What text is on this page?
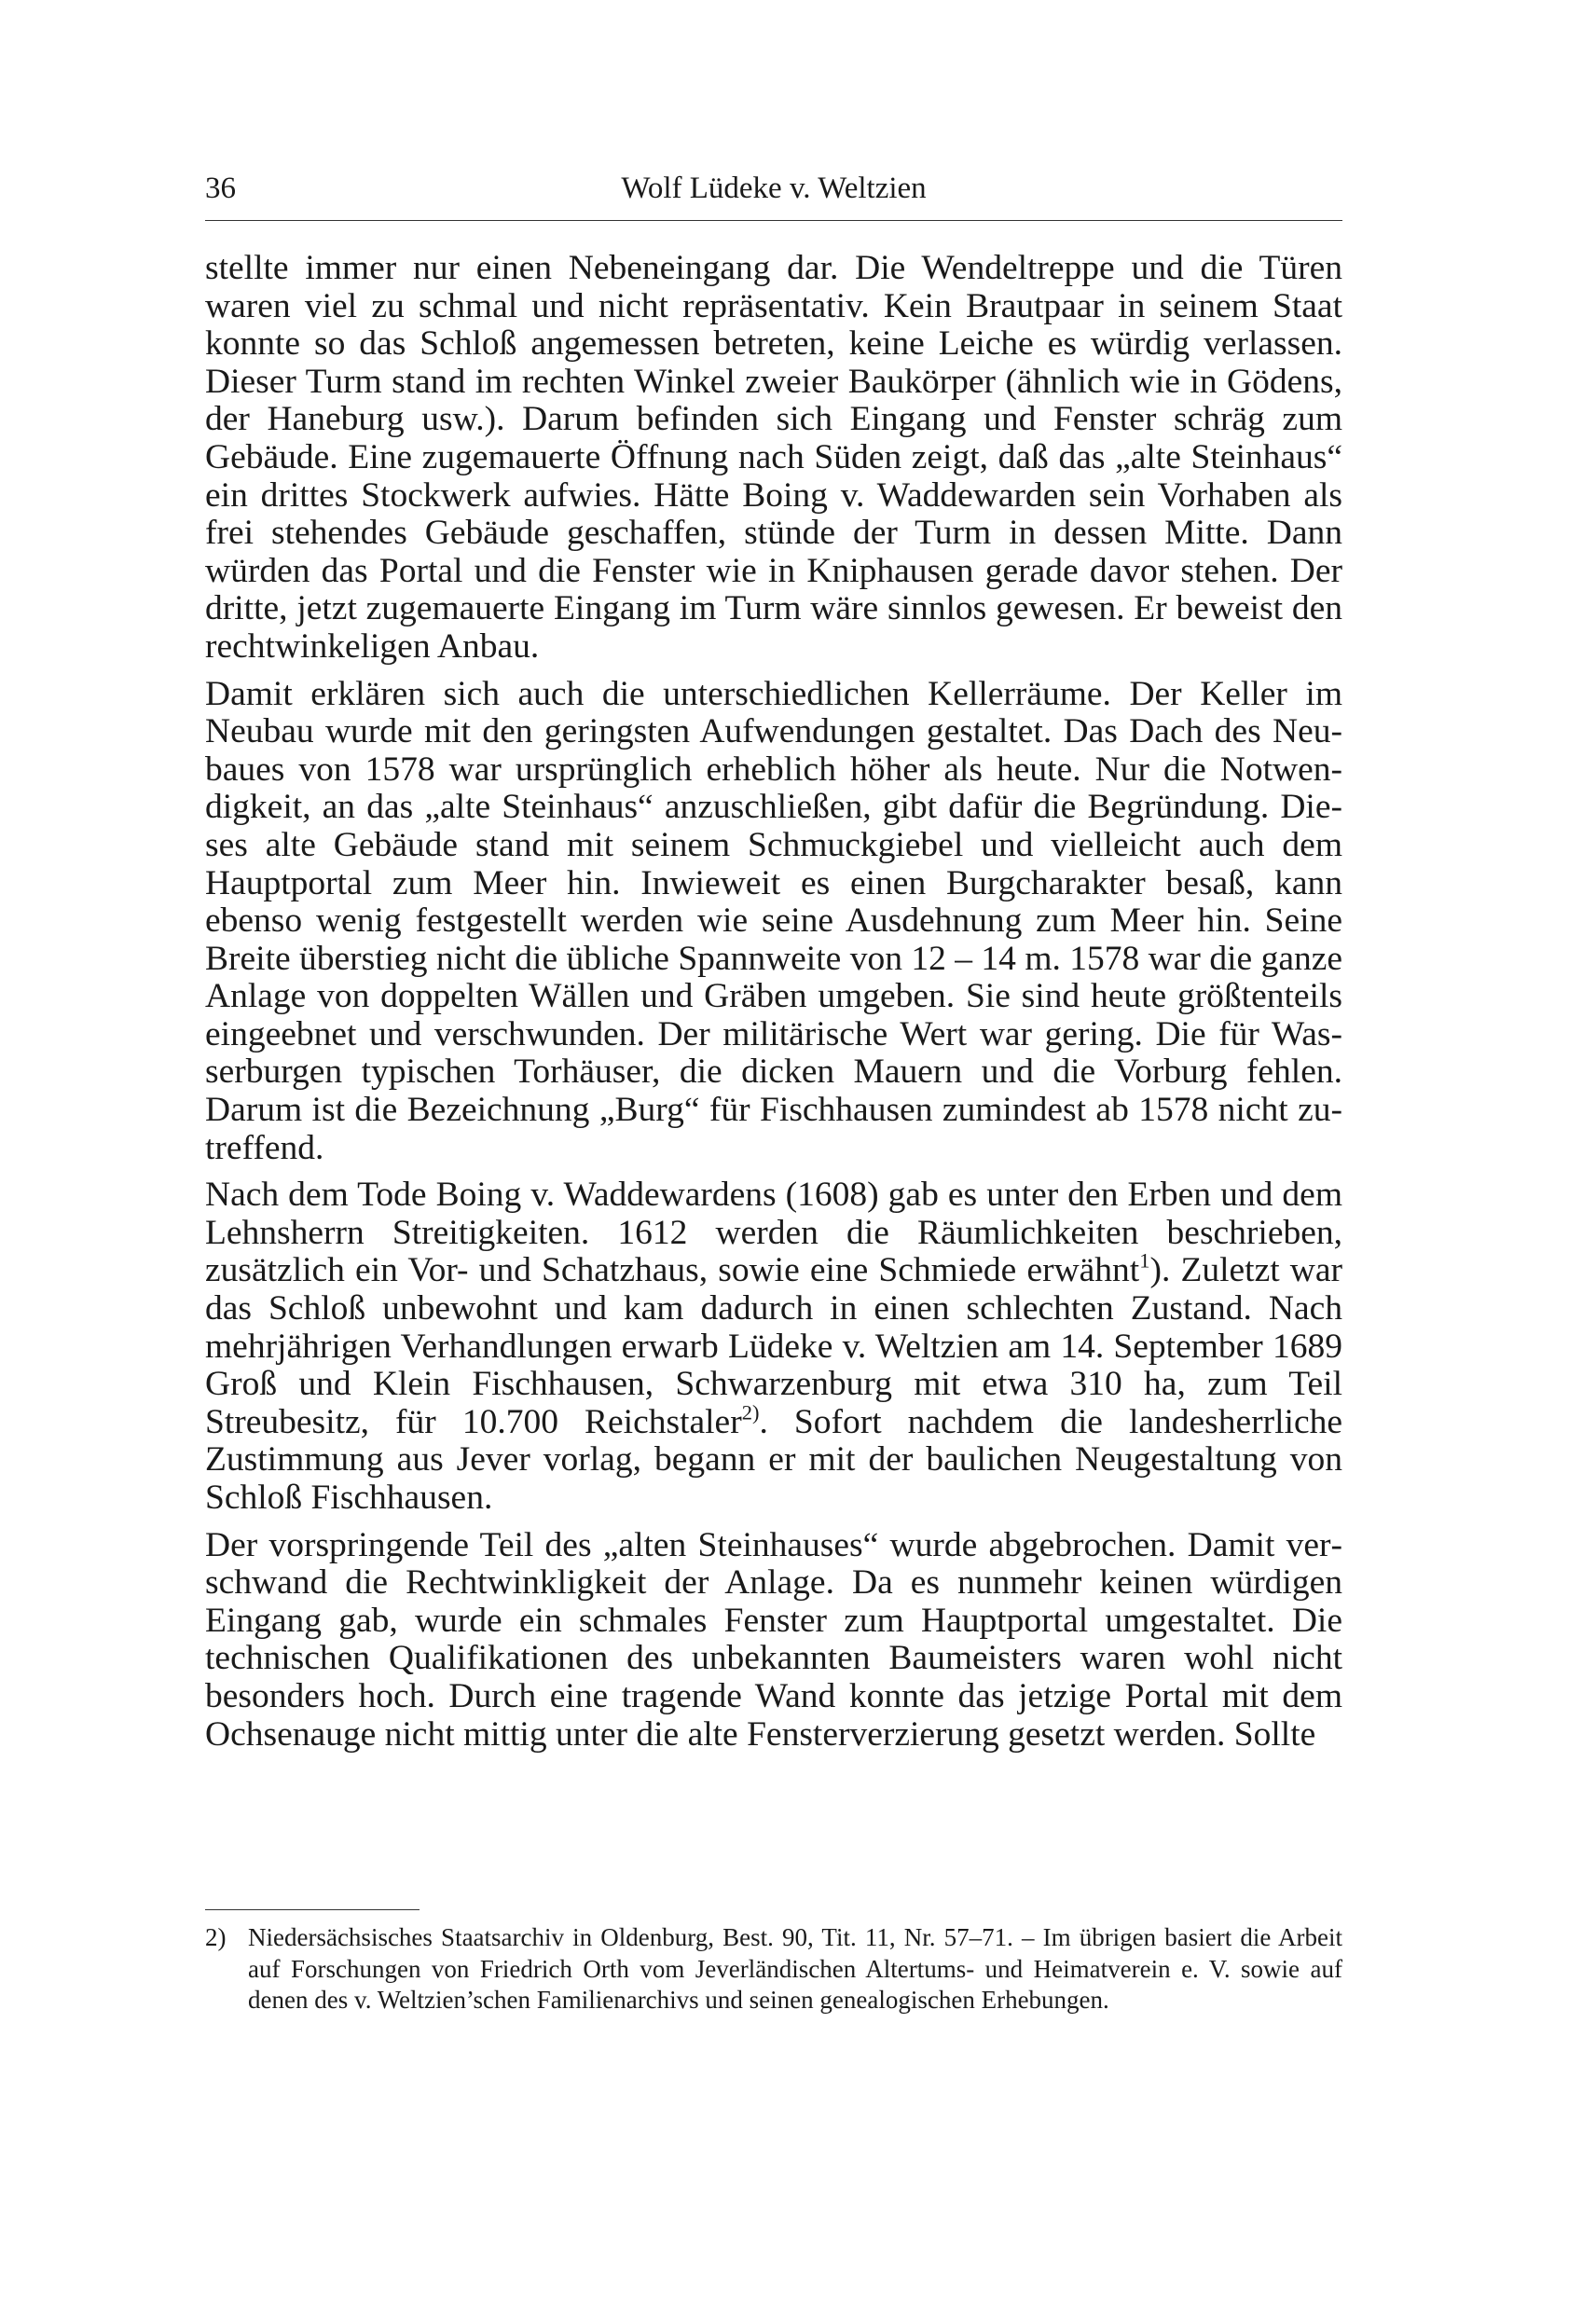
36	Wolf Lüdeke v. Weltzien

stellte immer nur einen Nebeneingang dar. Die Wendeltreppe und die Türen waren viel zu schmal und nicht repräsentativ. Kein Brautpaar in seinem Staat konnte so das Schloß angemessen betreten, keine Leiche es würdig verlassen. Dieser Turm stand im rechten Winkel zweier Baukörper (ähnlich wie in Gödens, der Haneburg usw.). Darum befinden sich Eingang und Fenster schräg zum Gebäude. Eine zugemauerte Öffnung nach Süden zeigt, daß das „alte Steinhaus“ ein drittes Stockwerk aufwies. Hätte Boing v. Waddewarden sein Vorhaben als frei stehendes Gebäude geschaffen, stünde der Turm in dessen Mitte. Dann würden das Portal und die Fenster wie in Kniphausen gerade davor stehen. Der dritte, jetzt zugemauerte Eingang im Turm wäre sinnlos gewesen. Er beweist den rechtwinkeligen Anbau.

Damit erklären sich auch die unterschiedlichen Kellerräume. Der Keller im Neubau wurde mit den geringsten Aufwendungen gestaltet. Das Dach des Neubaues von 1578 war ursprünglich erheblich höher als heute. Nur die Notwendigkeit, an das „alte Steinhaus“ anzuschließen, gibt dafür die Begründung. Dieses alte Gebäude stand mit seinem Schmuckgiebel und vielleicht auch dem Hauptportal zum Meer hin. Inwieweit es einen Burgcharakter besaß, kann ebenso wenig festgestellt werden wie seine Ausdehnung zum Meer hin. Seine Breite überstieg nicht die übliche Spannweite von 12 – 14 m. 1578 war die ganze Anlage von doppelten Wällen und Gräben umgeben. Sie sind heute größtenteils eingeebnet und verschwunden. Der militärische Wert war gering. Die für Wasserburgen typischen Torhäuser, die dicken Mauern und die Vorburg fehlen. Darum ist die Bezeichnung „Burg“ für Fischhausen zumindest ab 1578 nicht zutreffend.

Nach dem Tode Boing v. Waddewardens (1608) gab es unter den Erben und dem Lehnsherrn Streitigkeiten. 1612 werden die Räumlichkeiten beschrieben, zusätzlich ein Vor- und Schatzhaus, sowie eine Schmiede erwähnt$^1$). Zuletzt war das Schloß unbewohnt und kam dadurch in einen schlechten Zustand. Nach mehrjährigen Verhandlungen erwarb Lüdeke v. Weltzien am 14. September 1689 Groß und Klein Fischhausen, Schwarzenburg mit etwa 310 ha, zum Teil Streubesitz, für 10.700 Reichstaler$^{2)}$. Sofort nachdem die landesherrliche Zustimmung aus Jever vorlag, begann er mit der baulichen Neugestaltung von Schloß Fischhausen.

Der vorspringende Teil des „alten Steinhauses“ wurde abgebrochen. Damit verschwand die Rechtwinkligkeit der Anlage. Da es nunmehr keinen würdigen Eingang gab, wurde ein schmales Fenster zum Hauptportal umgestaltet. Die technischen Qualifikationen des unbekannten Baumeisters waren wohl nicht besonders hoch. Durch eine tragende Wand konnte das jetzige Portal mit dem Ochsenauge nicht mittig unter die alte Fensterverzierung gesetzt werden. Sollte

2) Niedersächsisches Staatsarchiv in Oldenburg, Best. 90, Tit. 11, Nr. 57–71. – Im übrigen basiert die Arbeit auf Forschungen von Friedrich Orth vom Jeverländischen Altertums- und Heimatverein e. V. sowie auf denen des v. Weltzien’schen Familienarchivs und seinen genealogischen Erhebungen.
